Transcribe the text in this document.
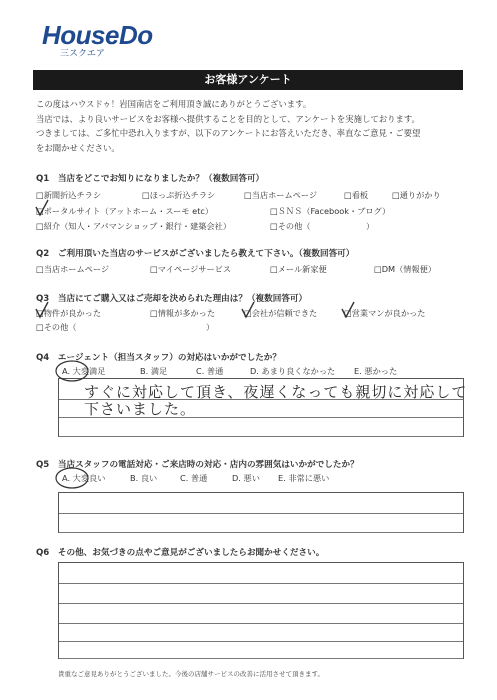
HouseDo
三スクエア
お客様アンケート
この度はハウスドゥ！岩国南店をご利用頂き誠にありがとうございます。
当店では、より良いサービスをお客様へ提供することを目的として、アンケートを実施しております。
つきましては、ご多忙中恐れ入りますが、以下のアンケートにお答えいただき、率直なご意見・ご要望
をお聞かせください。
Q1　当店をどこでお知りになりましたか？（複数回答可）
□新聞折込チラシ	□ほっぷ折込チラシ	□当店ホームページ	□看板	□通りがかり
□ポータルサイト（アットホーム・スーモ etc）	□ＳＮＳ（Facebook・ブログ）
□紹介（知人・アパマンショップ・銀行・建築会社）	□その他（	）
Q2　ご利用頂いた当店のサービスがございましたら教えて下さい。（複数回答可）
□当店ホームページ	□マイページサービス	□メール新家便	□DM（情報便）
Q3　当店にてご購入又はご売却を決められた理由は？（複数回答可）
□物件が良かった	□情報が多かった	□会社が信頼できた	□営業マンが良かった
□その他（	）
Q4　エージェント（担当スタッフ）の対応はいかがでしたか？
A. 大変満足	B. 満足	C. 普通	D. あまり良くなかった E. 悪かった
すぐに対応して頂き、夜遅くなっても親切に対応して
下さいました。
Q5　当店スタッフの電話対応・ご来店時の対応・店内の雰囲気はいかがでしたか？
A. 大変良い	B. 良い	C. 普通	D. 悪い E. 非常に悪い
Q6　その他、お気づきの点やご意見がございましたらお聞かせください。
貴重なご意見ありがとうございました。今後の店舗サービスの改善に活用させて頂きます。
